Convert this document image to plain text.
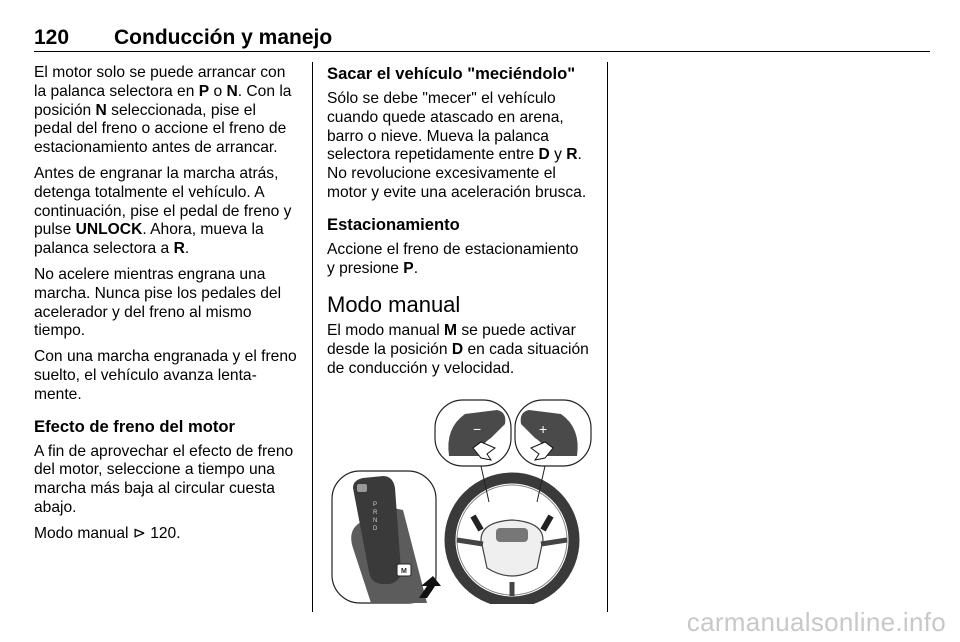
120 Conducción y manejo

El motor solo se puede arrancar con
la palanca selectora en P o N. Con la
posición N seleccionada, pise el
pedal del freno o accione el freno de
estacionamiento antes de arrancar.

Antes de engranar la marcha atrás,
detenga totalmente el vehículo. A
continuación, pise el pedal de freno y
pulse UNLOCK. Ahora, mueva la
palanca selectora a R.

No acelere mientras engrana una
marcha. Nunca pise los pedales del
acelerador y del freno al mismo
tiempo.

Con una marcha engranada y el freno
suelto, el vehículo avanza lenta-
mente.

Efecto de freno del motor

A fin de aprovechar el efecto de freno
del motor, seleccione a tiempo una
marcha más baja al circular cuesta
abajo.

Modo manual ⊳ 120.

Sacar el vehículo "meciéndolo"

Sólo se debe "mecer" el vehículo
cuando quede atascado en arena,
barro o nieve. Mueva la palanca
selectora repetidamente entre D y R.
No revolucione excesivamente el
motor y evite una aceleración brusca.

Estacionamiento

Accione el freno de estacionamiento
y presione P.

Modo manual

El modo manual M se puede activar
desde la posición D en cada situación
de conducción y velocidad.

P
R
N
D
M
−	+
carmanualsonline.info
